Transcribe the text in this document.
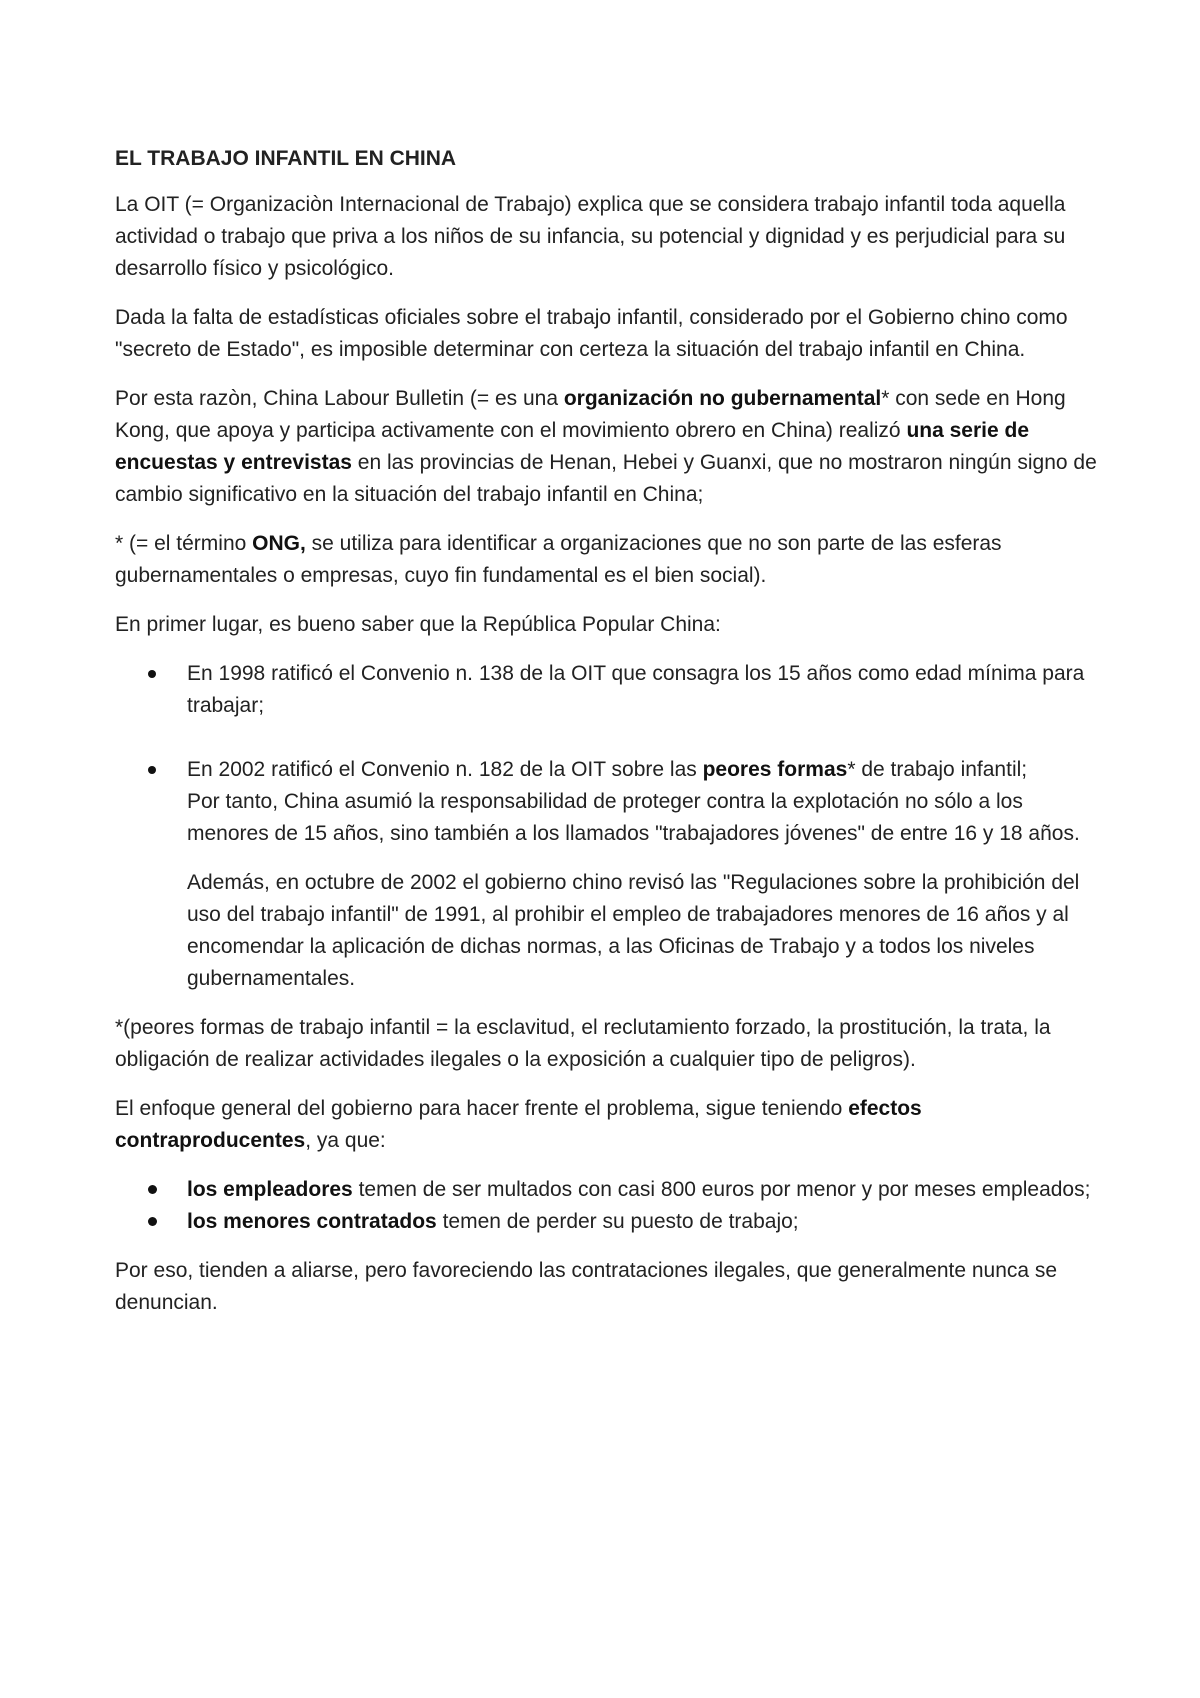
EL TRABAJO INFANTIL EN CHINA

La OIT (= Organizaciòn Internacional de Trabajo) explica que se considera trabajo infantil toda aquella actividad o trabajo que priva a los niños de su infancia, su potencial y dignidad y es perjudicial para su desarrollo físico y psicológico.

Dada la falta de estadísticas oficiales sobre el trabajo infantil, considerado por el Gobierno chino como "secreto de Estado", es imposible determinar con certeza la situación del trabajo infantil en China.

Por esta razòn, China Labour Bulletin (= es una organización no gubernamental* con sede en Hong Kong, que apoya y participa activamente con el movimiento obrero en China) realizó una serie de encuestas y entrevistas en las provincias de Henan, Hebei y Guanxi, que no mostraron ningún signo de cambio significativo en la situación del trabajo infantil en China;

* (= el término ONG, se utiliza para identificar a organizaciones que no son parte de las esferas gubernamentales o empresas, cuyo fin fundamental es el bien social).

En primer lugar, es bueno saber que la República Popular China:

En 1998 ratificó el Convenio n. 138 de la OIT que consagra los 15 años como edad mínima para trabajar;
En 2002 ratificó el Convenio n. 182 de la OIT sobre las peores formas* de trabajo infantil;
Por tanto, China asumió la responsabilidad de proteger contra la explotación no sólo a los menores de 15 años, sino también a los llamados "trabajadores jóvenes" de entre 16 y 18 años.
Además, en octubre de 2002 el gobierno chino revisó las "Regulaciones sobre la prohibición del uso del trabajo infantil" de 1991, al prohibir el empleo de trabajadores menores de 16 años y al encomendar la aplicación de dichas normas, a las Oficinas de Trabajo y a todos los niveles gubernamentales.

*(peores formas de trabajo infantil = la esclavitud, el reclutamiento forzado, la prostitución, la trata, la obligación de realizar actividades ilegales o la exposición a cualquier tipo de peligros).

El enfoque general del gobierno para hacer frente el problema, sigue teniendo efectos contraproducentes, ya que:

los empleadores temen de ser multados con casi 800 euros por menor y por meses empleados;
los menores contratados temen de perder su puesto de trabajo;

Por eso, tienden a aliarse, pero favoreciendo las contrataciones ilegales, que generalmente nunca se denuncian.
